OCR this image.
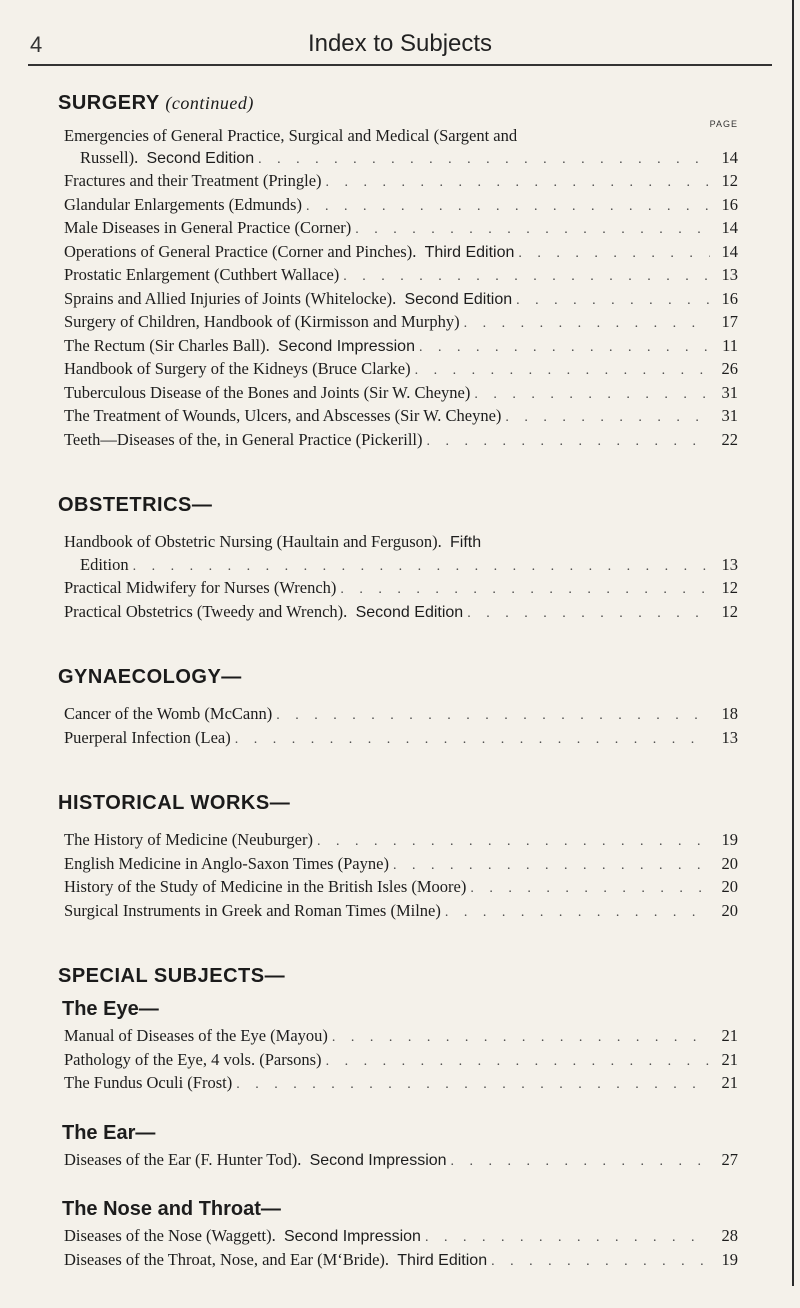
4	Index to Subjects
SURGERY (continued)
PAGE
Emergencies of General Practice, Surgical and Medical (Sargent and
Russell).
Second Edition . . .	14
Fractures and their Treatment (Pringle) . . .	12
Glandular Enlargements (Edmunds) . . .	16
Male Diseases in General Practice (Corner) . . .	14
Operations of General Practice (Corner and Pinches).
Third Edition . . .	14
Prostatic Enlargement (Cuthbert Wallace) . . .	13
Sprains and Allied Injuries of Joints (Whitelocke).
Second Edition . . .	16
Surgery of Children, Handbook of (Kirmisson and Murphy) . . .	17
The Rectum (Sir Charles Ball).
Second Impression . . .	11
Handbook of Surgery of the Kidneys (Bruce Clarke) . . .	26
Tuberculous Disease of the Bones and Joints (Sir W. Cheyne) . . .	31
The Treatment of Wounds, Ulcers, and Abscesses (Sir W. Cheyne) . . .	31
Teeth—Diseases of the, in General Practice (Pickerill) . . .	22
OBSTETRICS—
Handbook of Obstetric Nursing (Haultain and Ferguson).
Fifth
Edition . . .	13
Practical Midwifery for Nurses (Wrench) . . .	12
Practical Obstetrics (Tweedy and Wrench).
Second Edition . . .	12
GYNAECOLOGY—
Cancer of the Womb (McCann) . . .	18
Puerperal Infection (Lea) . . .	13
HISTORICAL WORKS—
The History of Medicine (Neuburger) . . .	19
English Medicine in Anglo-Saxon Times (Payne) . . .	20
History of the Study of Medicine in the British Isles (Moore) . . .	20
Surgical Instruments in Greek and Roman Times (Milne) . . .	20
SPECIAL SUBJECTS—
The Eye—
Manual of Diseases of the Eye (Mayou) . . .	21
Pathology of the Eye, 4 vols. (Parsons) . . .	21
The Fundus Oculi (Frost) . . .	21
The Ear—
Diseases of the Ear (F. Hunter Tod).
Second Impression . . .	27
The Nose and Throat—
Diseases of the Nose (Waggett).
Second Impression . . .	28
Diseases of the Throat, Nose, and Ear (M‘Bride).
Third Edition . . .	19
